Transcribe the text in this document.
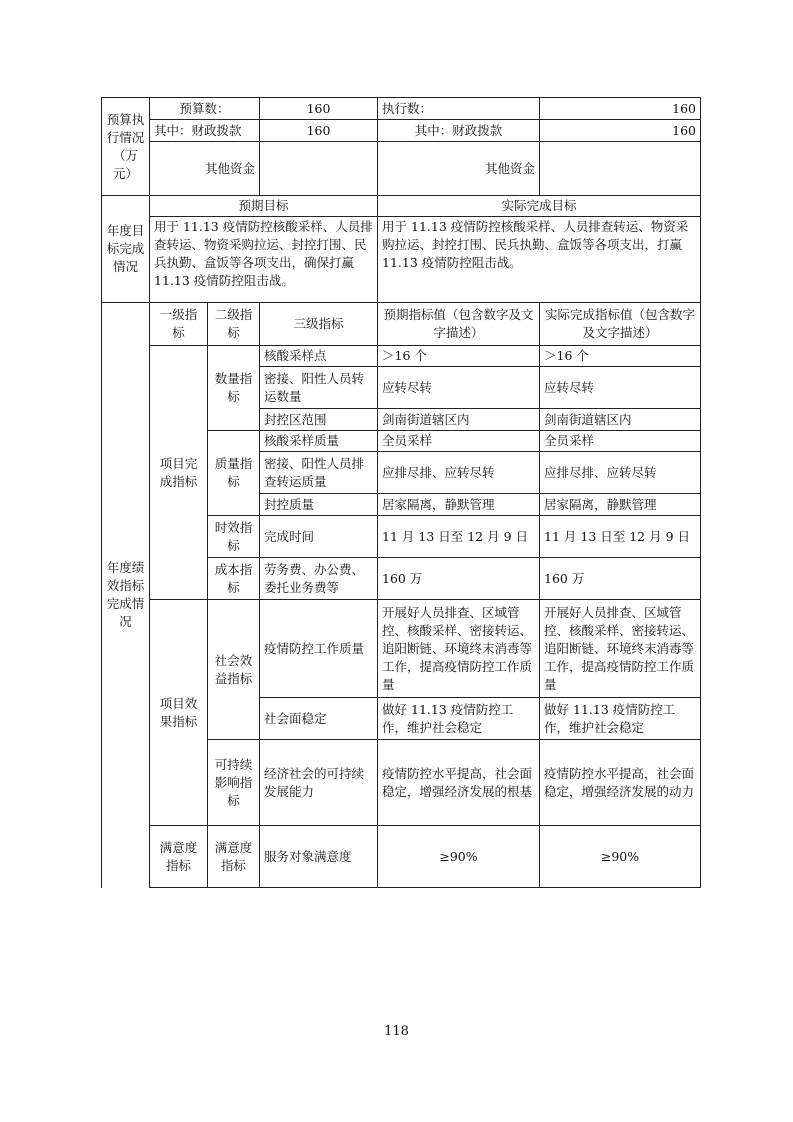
预算执行情况（万元）	预算数：		160	执行数：	160
	其中：财政拨款		160	其中：财政拨款	160
	其他资金			其他资金	
年度目标完成情况	预期目标			实际完成目标	
	用于 11.13 疫情防控核酸采样、人员排查转运、物资采购拉运、封控打围、民兵执勤、盒饭等各项支出，确保打赢 11.13 疫情防控阻击战。			用于 11.13 疫情防控核酸采样、人员排查转运、物资采购拉运、封控打围、民兵执勤、盒饭等各项支出，打赢 11.13 疫情防控阻击战。	
年度绩效指标完成情况	一级指标	二级指标	三级指标	预期指标值（包含数字及文字描述）	实际完成指标值（包含数字及文字描述）
	项目完成指标	数量指标	核酸采样点	＞16 个	＞16 个
			密接、阳性人员转运数量	应转尽转	应转尽转
			封控区范围	剑南街道辖区内	剑南街道辖区内
		质量指标	核酸采样质量	全员采样	全员采样
			密接、阳性人员排查转运质量	应排尽排、应转尽转	应排尽排、应转尽转
			封控质量	居家隔离，静默管理	居家隔离，静默管理
		时效指标	完成时间	11 月 13 日至 12 月 9 日	11 月 13 日至 12 月 9 日
		成本指标	劳务费、办公费、委托业务费等	160 万	160 万
	项目效果指标	社会效益指标	疫情防控工作质量	开展好人员排查、区域管控、核酸采样、密接转运、追阳断链、环境终末消毒等工作，提高疫情防控工作质量	开展好人员排查、区域管控、核酸采样、密接转运、追阳断链、环境终末消毒等工作，提高疫情防控工作质量
			社会面稳定	做好 11.13 疫情防控工作，维护社会稳定	做好 11.13 疫情防控工作，维护社会稳定
		可持续影响指标	经济社会的可持续发展能力	疫情防控水平提高，社会面稳定，增强经济发展的根基	疫情防控水平提高，社会面稳定，增强经济发展的动力
	满意度指标	满意度指标	服务对象满意度	≥90%	≥90%
118
